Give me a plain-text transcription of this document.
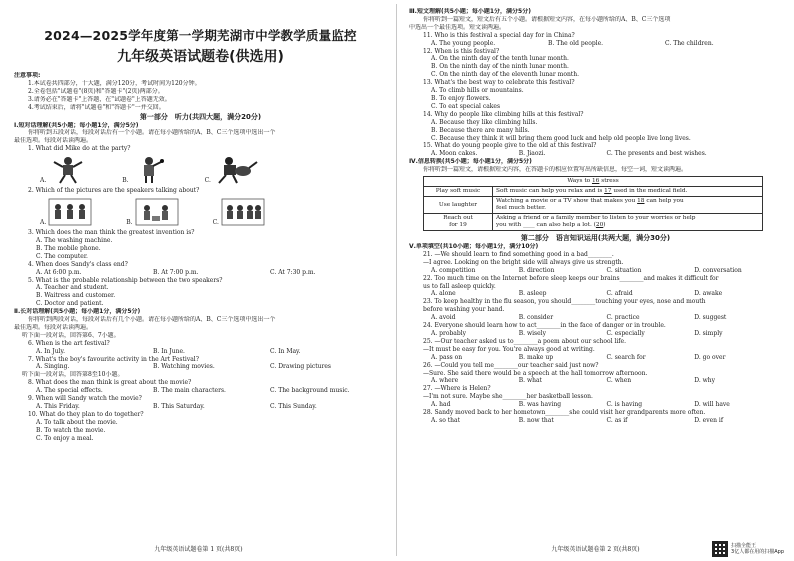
2024—2025学年度第一学期芜湖市中学教学质量监控
九年级英语试题卷(供选用)
注意事项:
1.本试卷共四部分，十大题，满分120分，考试时间为120分钟。
2.全卷包括"试题卷"(8页)和"答题卡"(2页)两部分。
3.请务必在"答题卡"上答题，在"试题卷"上答题无效。
4.考试结束后，请将"试题卷"和"答题卡"一并交回。
第一部分　听力(共四大题，满分20分)
Ⅰ.短对话理解(共5小题；每小题1分，满分5分)
你将听到五段对话，每段对话后有一个小题。请在每小题所给的A、B、C三个选项中选出一个
最佳选项。每段对话读两遍。
1. What did Mike do at the party?
A.	B.	C.
2. Which of the pictures are the speakers talking about?
A.	B.	C.
3. Which does the man think the greatest invention is?
A. The washing machine.
B. The mobile phone.
C. The computer.
4. When does Sandy's class end?
A. At 6:00 p.m.	B. At 7:00 p.m.	C. At 7:30 p.m.
5. What is the probable relationship between the two speakers?
A. Teacher and student.
B. Waitress and customer.
C. Doctor and patient.
Ⅱ.长对话理解(共5小题；每小题1分，满分5分)
你将听到两段对话，每段对话后有几个小题。请在每小题所给的A、B、C三个选项中选出一个
最佳选项。每段对话读两遍。
听下面一段对话，回答第6、7小题。
6. When is the art festival?
A. In July.	B. In June.	C. In May.
7. What's the boy's favourite activity in the Art Festival?
A. Singing.	B. Watching movies.	C. Drawing pictures
听下面一段对话，回答第8至10小题。
8. What does the man think is great about the movie?
A. The special effects.	B. The main characters.	C. The background music.
9. When will Sandy watch the movie?
A. This Friday.	B. This Saturday.	C. This Sunday.
10. What do they plan to do together?
A. To talk about the movie.
B. To watch the movie.
C. To enjoy a meal.
九年级英语试题卷第 1 页(共8页)
Ⅲ.短文理解(共5小题；每小题1分，满分5分)
你将听到一篇短文，短文后有五个小题。请根据短文内容，在每小题所给的A、B、C三个选项
中选出一个最佳选项。短文读两遍。
11. Who is this festival a special day for in China?
A. The young people.	B. The old people.	C. The children.
12. When is this festival?
A. On the ninth day of the tenth lunar month.
B. On the ninth day of the ninth lunar month.
C. On the ninth day of the eleventh lunar month.
13. What's the best way to celebrate this festival?
A. To climb hills or mountains.
B. To enjoy flowers.
C. To eat special cakes
14. Why do people like climbing hills at this festival?
A. Because they like climbing hills.
B. Because there are many hills.
C. Because they think it will bring them good luck and help old people live long lives.
15. What do young people give to the old at this festival?
A. Moon cakes.	B. Jiaozi.	C. The presents and best wishes.
Ⅳ.信息转换(共5小题；每小题1分，满分5分)
你将听到一篇短文，请根据短文内容，在答题卡的相应位置写出所缺信息，每空一词，短文读两遍。
Ways to 16 stress	
Play soft music	Soft music can help you relax and is 17 used in the medical field.
Use laughter	Watching a movie or a TV show that makes you 18 can help you
feel much better.
Reach out
for 19	Asking a friend or a family member to listen to your worries or help
you with ____ can also help a lot. (20)
第二部分　语言知识运用(共两大题，满分30分)
Ⅴ.单项填空(共10小题；每小题1分，满分10分)
21. —We should learn to find something good in a bad________.
—I agree. Looking on the bright side will always give us strength.
A. competition	B. direction	C. situation	D. conversation
22. Too much time on the Internet before sleep keeps our brains________and makes it difficult for
us to fall asleep quickly.
A. alone	B. asleep	C. afraid	D. awake
23. To keep healthy in the flu season, you should________touching your eyes, nose and mouth
before washing your hand.
A. avoid	B. consider	C. practice	D. suggest
24. Everyone should learn how to act________in the face of danger or in trouble.
A. probably	B. wisely	C. especially	D. simply
25. —Our teacher asked us to________a poem about our school life.
—It must be easy for you. You're always good at writing.
A. pass on	B. make up	C. search for	D. go over
26. —Could you tell me________our teacher said just now?
—Sure. She said there would be a speech at the hall tomorrow afternoon.
A. where	B. what	C. when	D. why
27. —Where is Helen?
—I'm not sure. Maybe she________her basketball lesson.
A. had	B. was having	C. is having	D. will have
28. Sandy moved back to her hometown________she could visit her grandparents more often.
A. so that	B. now that	C. as if	D. even if
九年级英语试题卷第 2 页(共8页)	扫描全能王
3亿人都在用的扫描App
